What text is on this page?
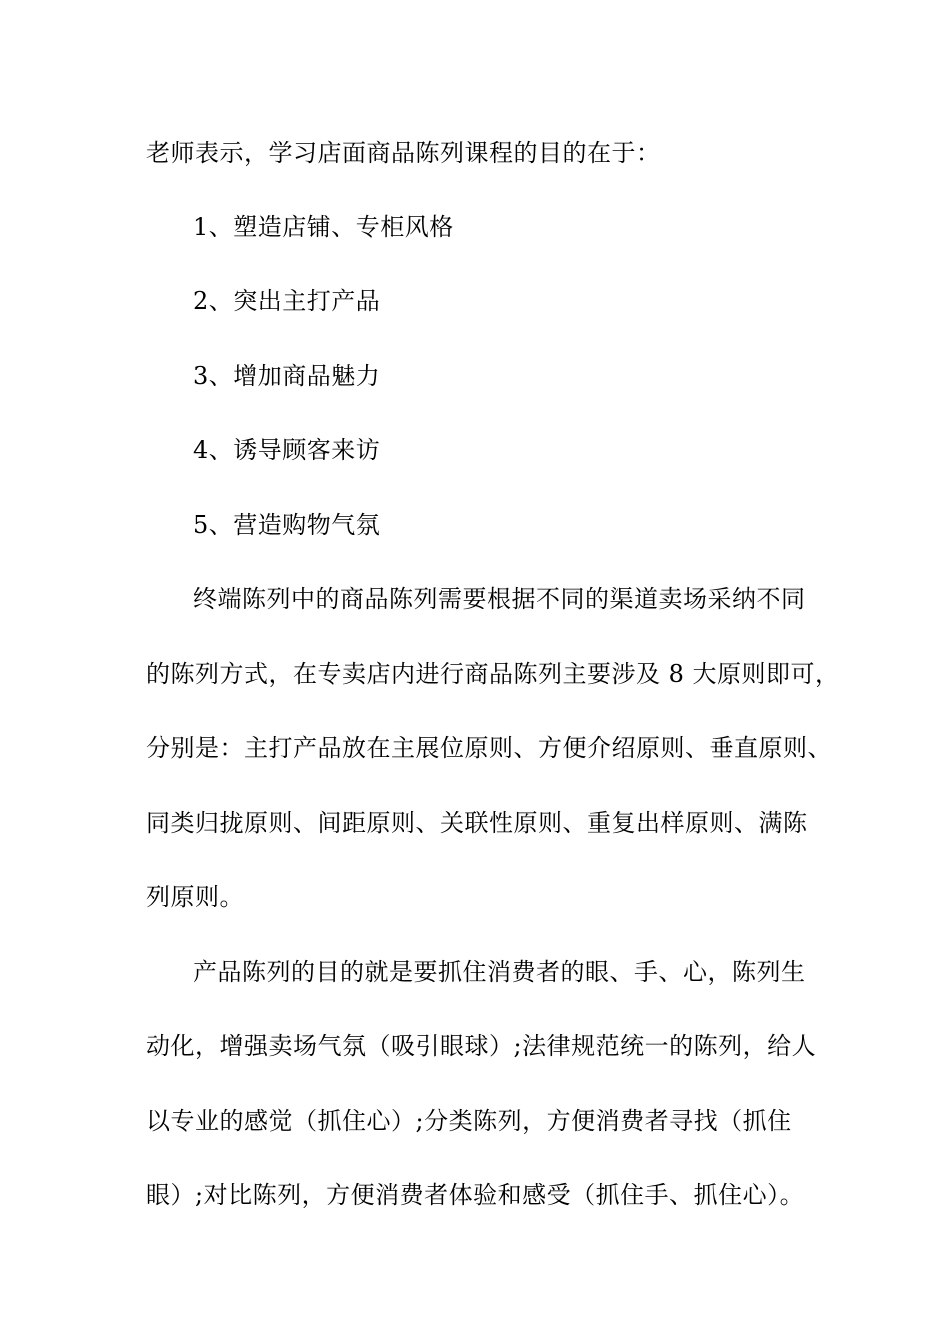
老师表示，学习店面商品陈列课程的目的在于：
1、塑造店铺、专柜风格
2、突出主打产品
3、增加商品魅力
4、诱导顾客来访
5、营造购物气氛
终端陈列中的商品陈列需要根据不同的渠道卖场采纳不同
的陈列方式，在专卖店内进行商品陈列主要涉及 8 大原则即可，
分别是：主打产品放在主展位原则、方便介绍原则、垂直原则、
同类归拢原则、间距原则、关联性原则、重复出样原则、满陈
列原则。
产品陈列的目的就是要抓住消费者的眼、手、心，陈列生
动化，增强卖场气氛（吸引眼球）;法律规范统一的陈列，给人
以专业的感觉（抓住心）;分类陈列，方便消费者寻找（抓住
眼）;对比陈列，方便消费者体验和感受（抓住手、抓住心）。
